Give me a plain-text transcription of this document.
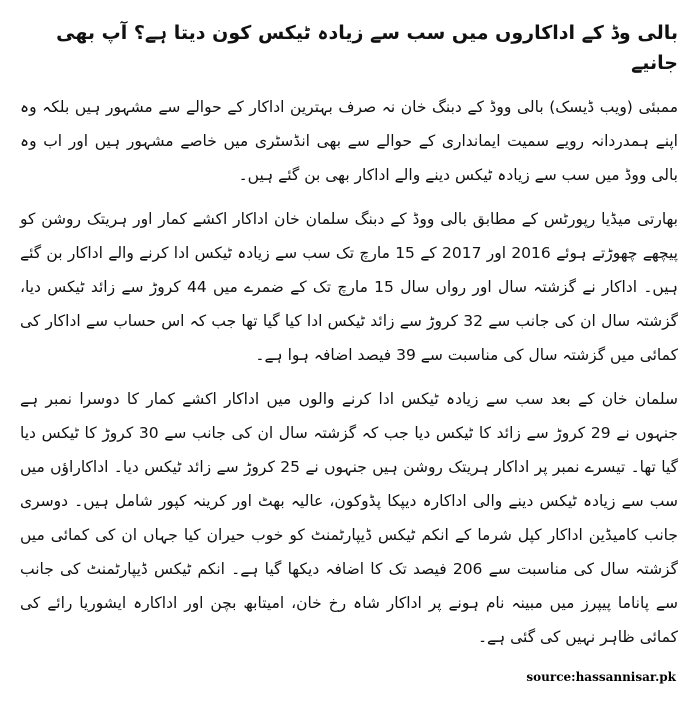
بالی وڈ کے اداکاروں میں سب سے زیادہ ٹیکس کون دیتا ہے؟ آپ بھی جانیے

ممبئی (ویب ڈیسک) بالی ووڈ کے دبنگ خان نہ صرف بہترین اداکار کے حوالے سے مشہور ہیں بلکہ وہ اپنے ہمدردانہ رویے سمیت ایمانداری کے حوالے سے بھی انڈسٹری میں خاصے مشہور ہیں اور اب وہ بالی ووڈ میں سب سے زیادہ ٹیکس دینے والے اداکار بھی بن گئے ہیں۔

بھارتی میڈیا رپورٹس کے مطابق بالی ووڈ کے دبنگ سلمان خان اداکار اکشے کمار اور ہریتک روشن کو پیچھے چھوڑتے ہوئے 2016 اور 2017 کے 15 مارچ تک سب سے زیادہ ٹیکس ادا کرنے والے اداکار بن گئے ہیں۔ اداکار نے گزشتہ سال اور رواں سال 15 مارچ تک کے ضمرے میں 44 کروڑ سے زائد ٹیکس دیا، گزشتہ سال ان کی جانب سے 32 کروڑ سے زائد ٹیکس ادا کیا گیا تھا جب کہ اس حساب سے اداکار کی کمائی میں گزشتہ سال کی مناسبت سے 39 فیصد اضافہ ہوا ہے۔

سلمان خان کے بعد سب سے زیادہ ٹیکس ادا کرنے والوں میں اداکار اکشے کمار کا دوسرا نمبر ہے جنہوں نے 29 کروڑ سے زائد کا ٹیکس دیا جب کہ گزشتہ سال ان کی جانب سے 30 کروڑ کا ٹیکس دیا گیا تھا۔ تیسرے نمبر پر اداکار ہریتک روشن ہیں جنہوں نے 25 کروڑ سے زائد ٹیکس دیا۔ اداکاراؤں میں سب سے زیادہ ٹیکس دینے والی اداکارہ دیپکا پڈوکون، عالیہ بھٹ اور کرینہ کپور شامل ہیں۔ دوسری جانب کامیڈین اداکار کپل شرما کے انکم ٹیکس ڈیپارٹمنٹ کو خوب حیران کیا جہاں ان کی کمائی میں گزشتہ سال کی مناسبت سے 206 فیصد تک کا اضافہ دیکھا گیا ہے۔ انکم ٹیکس ڈیپارٹمنٹ کی جانب سے پاناما پیپرز میں مبینہ نام ہونے پر اداکار شاہ رخ خان، امیتابھ بچن اور اداکارہ ایشوریا رائے کی کمائی ظاہر نہیں کی گئی ہے۔

source:hassannisar.pk
